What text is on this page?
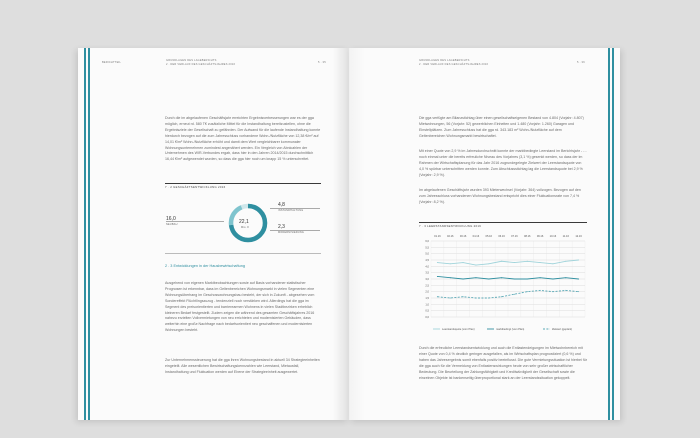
BERICHTTEIL
GRUNDLAGEN DES LAGEBERICHTS
2 . DER VERLAUF DES GESCHÄFTSJAHRES 2016
5 · 35
Durch die im abgelaufenen Geschäftsjahr erreichten Ergebnisverbesserungen war es der gga möglich, erneut rd. 580 T€ zusätzliche Mittel für die Instandhaltung bereitzustellen, ohne die Ergebnisziele der Gesellschaft zu gefährden. Der Aufwand für die laufende Instandhaltung konnte hierdurch bezogen auf die zum Jahresschluss vorhandene Wohn-/Nutzfläche von 12,38 €/m² auf 14,01 €/m² Wohn-/Nutzfläche erhöht und damit dem Wert vergleichbarer kommunaler Wohnungsunternehmen zumindest angenähert werden. Ein Vergleich von Abnicahlen der Unternehmen des WIR-Verbundes ergab, dass hier in den Jahren 2014/2015 durchschnittlich 16,44 €/m² aufgewendet wurden, so dass die gga hier noch um knapp 15 % unterschreitet.
7 · 2 GESCHÄFTSENTWICKLUNG 2016
16,0
NEUBAU	22,1
Mio. €
4,8
INSTANDHALTUNG
2,3
MODERNISIERUNG
2 . 3 Entwicklungen in der Hausbewirtschaftung
Ausgehend von eigenen Marktbeobachtungen sowie auf Basis vorhandener statistischer Prognosen ist erkennbar, dass im Geltenbereichen Wohnungsmarkt in vielen Segmenten eine Wohnungsüberhang im Geschosswohnungsbau besteht, der sich in Zukunft - abgesehen vom Sondereffekt Flüchtlingszuzug - tendenziell noch verstärken wird. Allerdings hat die gga im Segment des preisorientierten und barrierearmen Wohnens in vielen Stadtbezirken erheblich kleineren Bedarf festgestellt. Zudem zeigen die während des gesamten Geschäftsjahres 2016 nahezu erzielten Vollvermietungen von neu errichteten und modernisierten Gebäuden, dass weiterhin eine große Nachfrage nach bedarfsorientiert neu geschaffenen und modernisierten Wohnungen besteht.
Zur Unternehmenssteuerung hat die gga ihren Wohnungsbestand in aktuell 34 Strategieeinheiten eingeteilt. Alle wesentlichen Bewirtschaftungskennzahlen wie Leerstand, Mietausfall, Instandhaltung und Fluktuation werden auf Ebene der Strategieeinheit ausgewertet.
GRUNDLAGEN DES LAGEBERICHTS
2 . DER VERLAUF DES GESCHÄFTSJAHRES 2016
5 · 36
Die gga verfügte am Bilanzstichtag über einen gesellschaftseigenen Bestand von 4.804 (Vorjahr: 4.807) Mietwohnungen, 56 (Vorjahr: 52) gewerblichen Einheiten und 1.480 (Vorjahr: 1.260) Garagen und Einstellplätzen. Zum Jahresschluss hat die gga rd. 343.183 m² Wohn-/Nutzfläche auf dem Geltenbereichen Wohnungsmarkt bewirtschaftet.
Mit einer Quote von 2,9 % im Jahresdurchschnitt konnte der marktbedingte Leerstand im Berichtsjahr - - - noch einmal unter die bereits erfreuliche Niveau des Vorjahres (3,1 %) gesenkt werden, so dass der im Rahmen der Wirtschaftsplanung für das Jahr 2016 zugrundegelegte Zielwert der Leerstandsquote von 4,0 % spürbar unterschritten werden konnte. Zum Abschlussstichtag lag die Leerstandsquote bei 2,9 % (Vorjahr: 2,9 %).
Im abgelaufenen Geschäftsjahr wurden 393 Mieterwechsel (Vorjahr: 364) vollzogen. Bezogen auf den zum Jahresschluss vorhandenen Wohnungsbestand entspricht dies einer Fluktuationsrate von 7,4 % (Vorjahr: 8,2 %).
7 · 3 LEERSTANDSENTWICKLUNG 2016
01.16 02.16 03.16 04.16 05.16 06.16 07.16 08.16 09.16 10.16 11.16 12.16
6,0
5,5
5,0
4,5
4,0
3,5
3,0
2,5
2,0
1,5
1,0
0,5
0,0
Leerstandsquote (vom Plan)	marktbedingt (vom Plan)	Zielwert (geplant)
Durch die erfreuliche Leerstandsentwicklung und auch die Entlastendeigungen im Mietwohnbereich mit einer Quote von 0,4 % deutlich geringer ausgefallen, als im Wirtschaftsplan prognostiziert (0,6 %) und haben das Jahresergebnis somit ebenfalls positiv beeinflusst. Die gute Vermietungssituation ist hierbei für die gga auch für die Vermeidung von Entlastenswirkungen heute von sehr großer wirtschaftlicher Bedeutung. Die Beurteilung der Zahlungsfähigkeit und Kreditwürdigkeit der Gesellschaft sowie die einzelnen Objekte ist bankenseitig überproportional stark an der Leerstandssituation gekoppelt.
